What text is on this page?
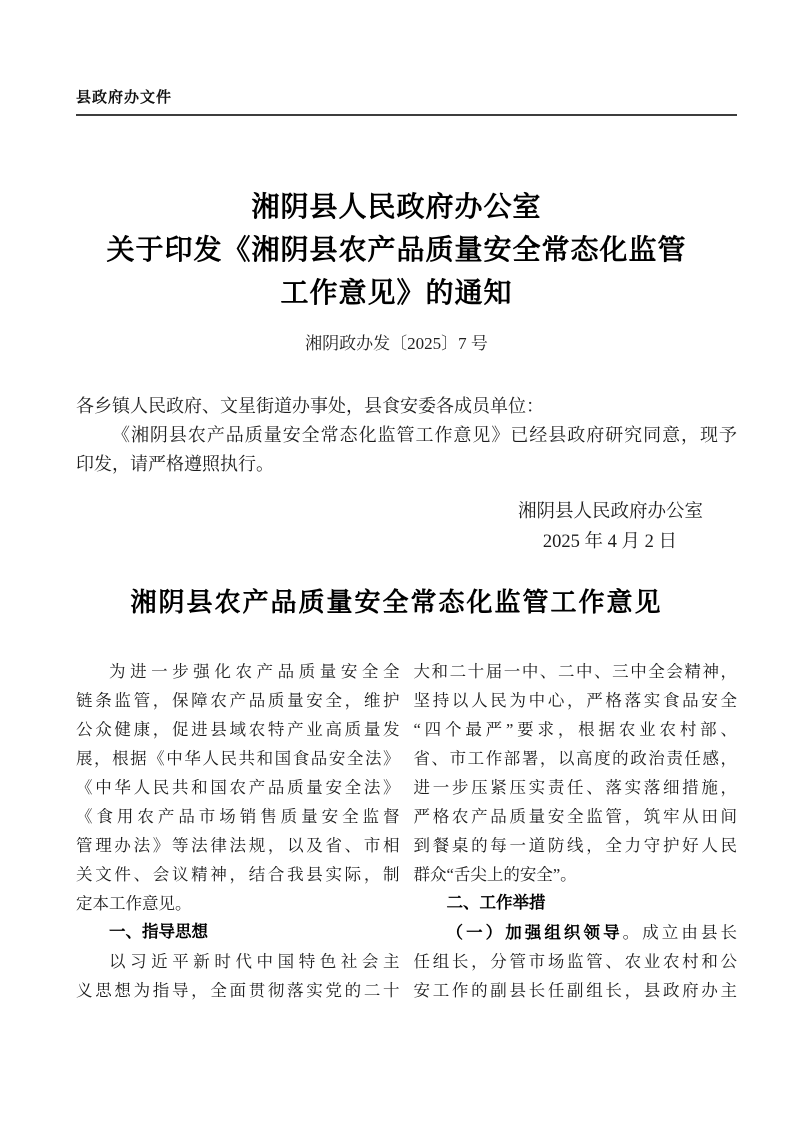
县政府办文件
湘阴县人民政府办公室
关于印发《湘阴县农产品质量安全常态化监管
工作意见》的通知
湘阴政办发〔2025〕7 号
各乡镇人民政府、文星街道办事处，县食安委各成员单位：
《湘阴县农产品质量安全常态化监管工作意见》已经县政府研究同意，现予
印发，请严格遵照执行。
湘阴县人民政府办公室
2025 年 4 月 2 日
湘阴县农产品质量安全常态化监管工作意见
为进一步强化农产品质量安全全
链条监管，保障农产品质量安全，维护
公众健康，促进县域农特产业高质量发
展，根据《中华人民共和国食品安全法》
《中华人民共和国农产品质量安全法》
《食用农产品市场销售质量安全监督
管理办法》等法律法规，以及省、市相
关文件、会议精神，结合我县实际，制
定本工作意见。
一、指导思想
以习近平新时代中国特色社会主
义思想为指导，全面贯彻落实党的二十
大和二十届一中、二中、三中全会精神，
坚持以人民为中心，严格落实食品安全
“四个最严”要求，根据农业农村部、
省、市工作部署，以高度的政治责任感，
进一步压紧压实责任、落实落细措施，
严格农产品质量安全监管，筑牢从田间
到餐桌的每一道防线，全力守护好人民
群众“舌尖上的安全”。
二、工作举措
（一）加强组织领导。成立由县长
任组长，分管市场监管、农业农村和公
安工作的副县长任副组长，县政府办主
